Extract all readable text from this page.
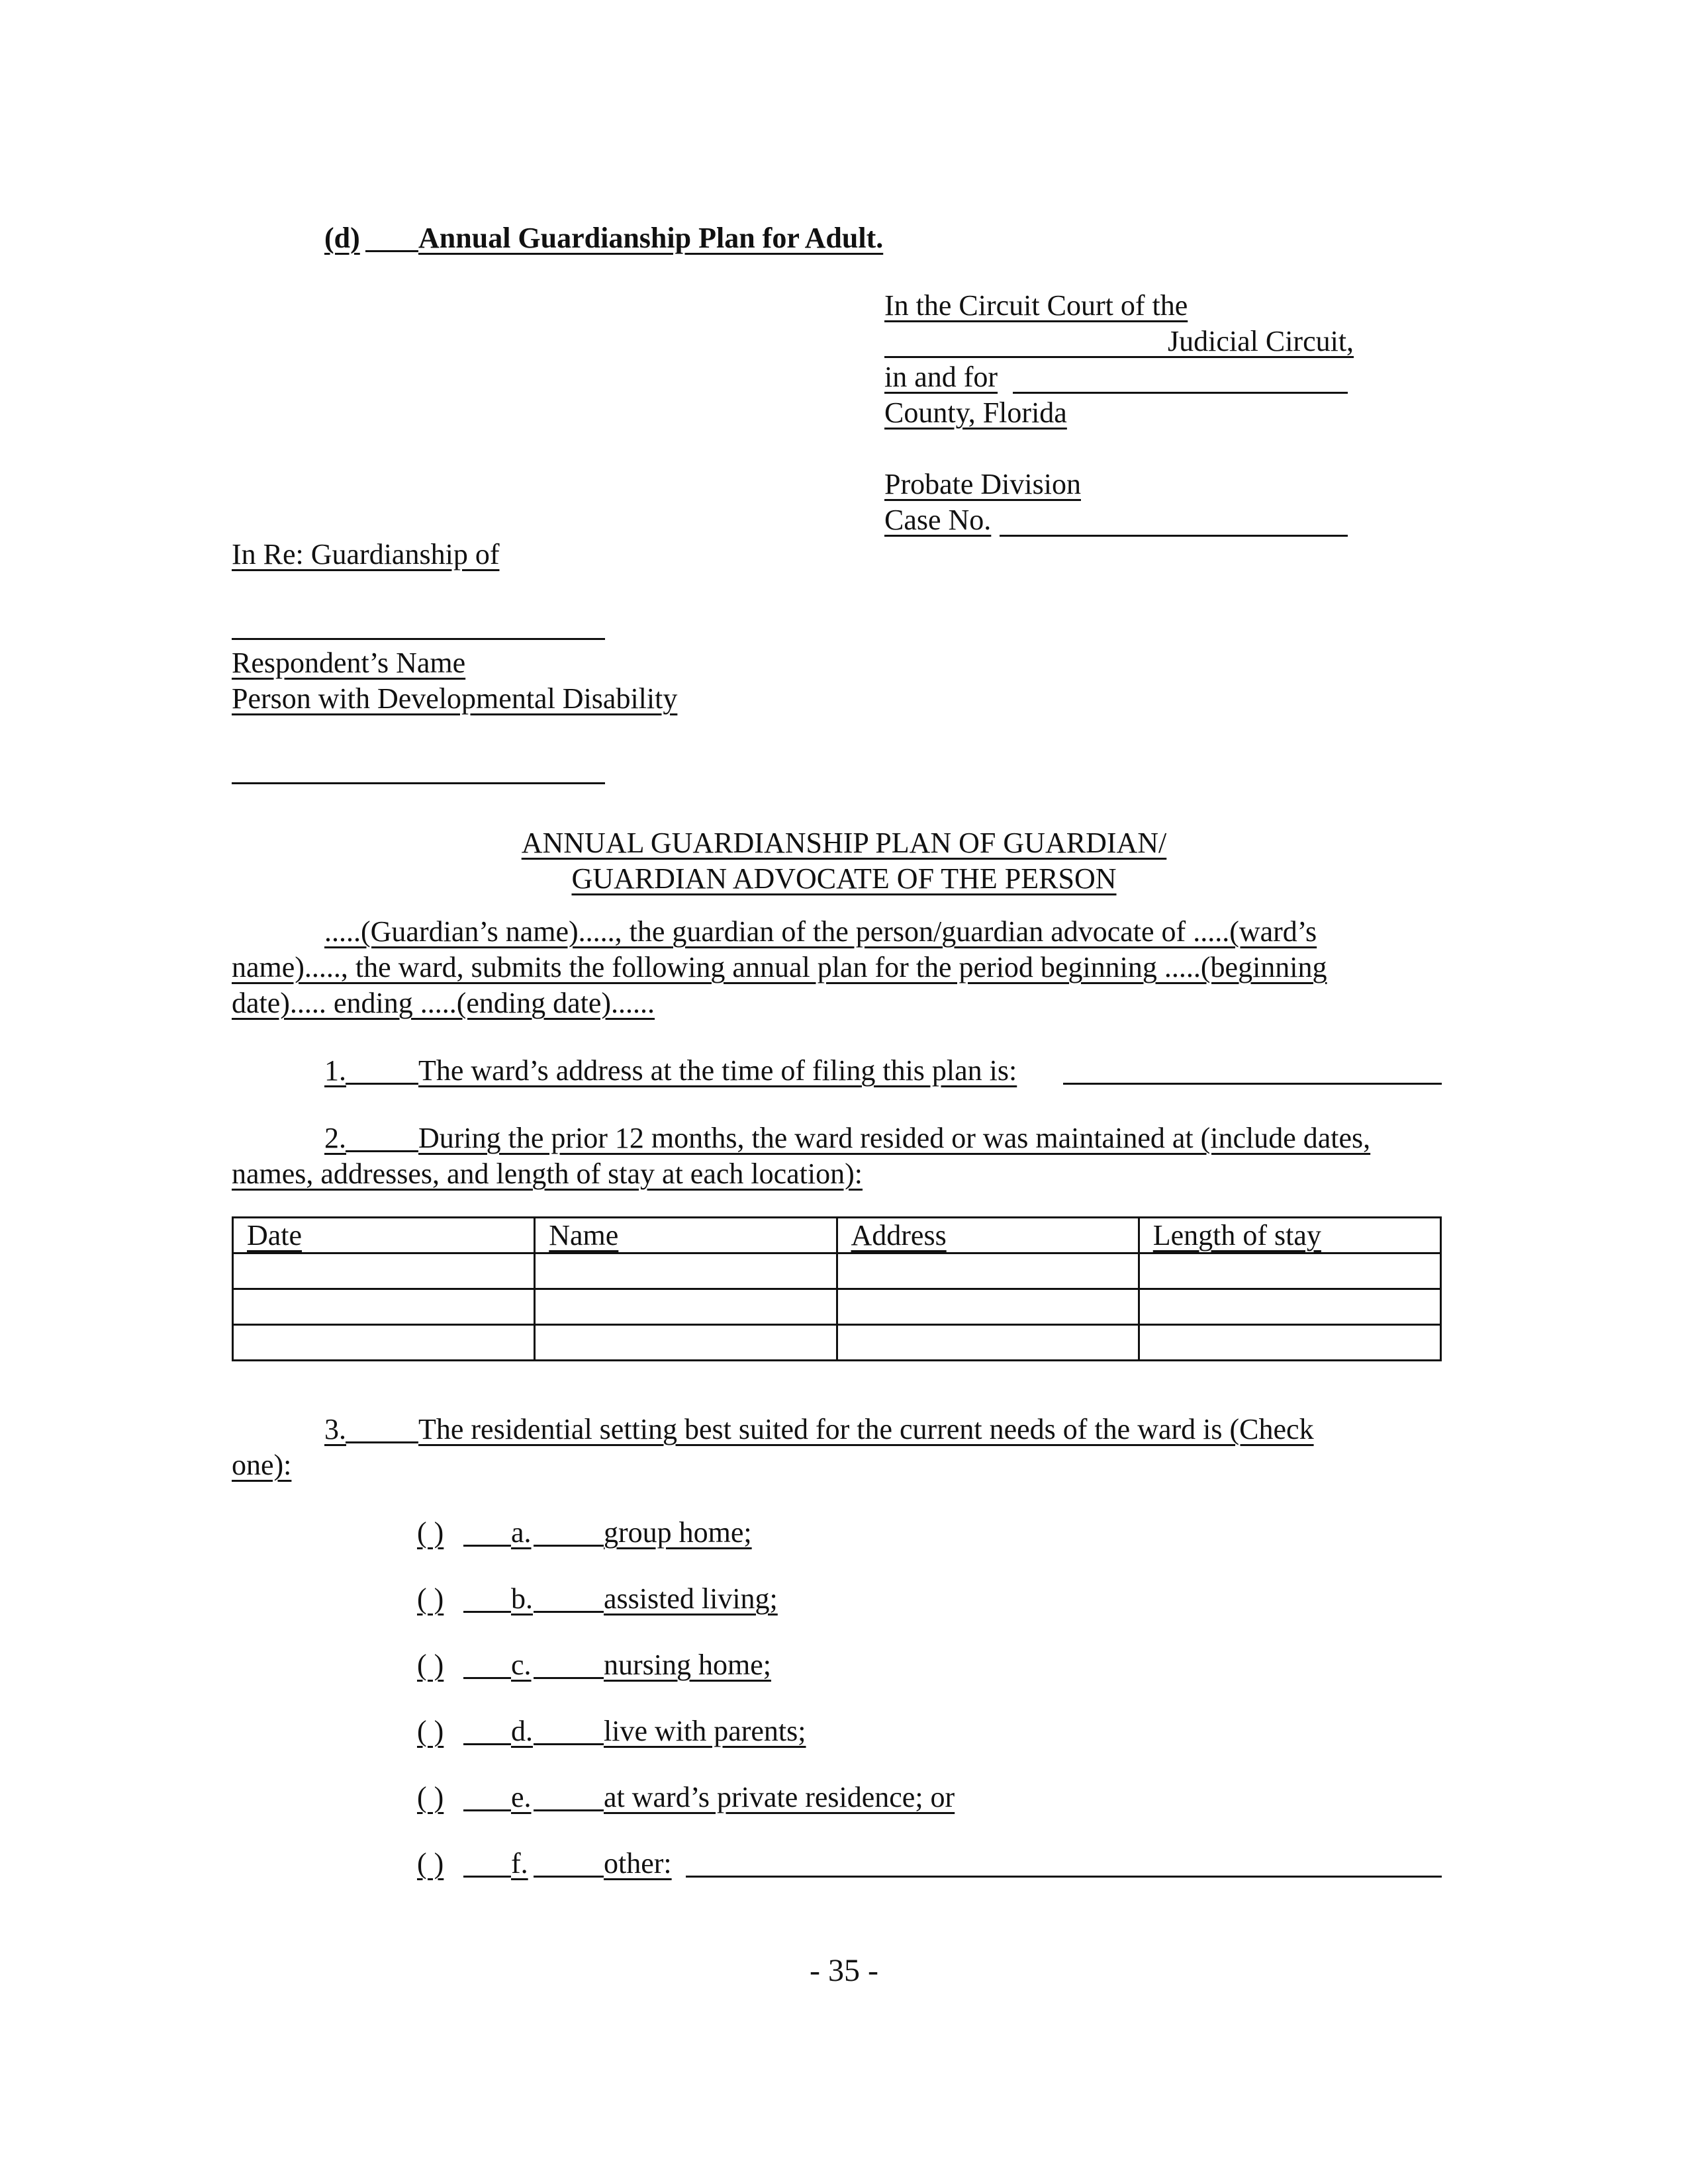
(d) Annual Guardianship Plan for Adult.
In the Circuit Court of the
Judicial Circuit,
in and for
County, Florida
Probate Division
Case No.
In Re: Guardianship of
Respondent’s Name
Person with Developmental Disability
ANNUAL GUARDIANSHIP PLAN OF GUARDIAN/
GUARDIAN ADVOCATE OF THE PERSON
.....(Guardian’s name)....., the guardian of the person/guardian advocate of .....(ward’s
name)....., the ward, submits the following annual plan for the period beginning .....(beginning
date)..... ending .....(ending date)......
1. The ward’s address at the time of filing this plan is:
2. During the prior 12 months, the ward resided or was maintained at (include dates,
names, addresses, and length of stay at each location):
Date	Name	Address	Length of stay

3. The residential setting best suited for the current needs of the ward is (Check
one):
( ) a. group home;
( ) b. assisted living;
( ) c. nursing home;
( ) d. live with parents;
( ) e. at ward’s private residence; or
( ) f.	other:
- 35 -
